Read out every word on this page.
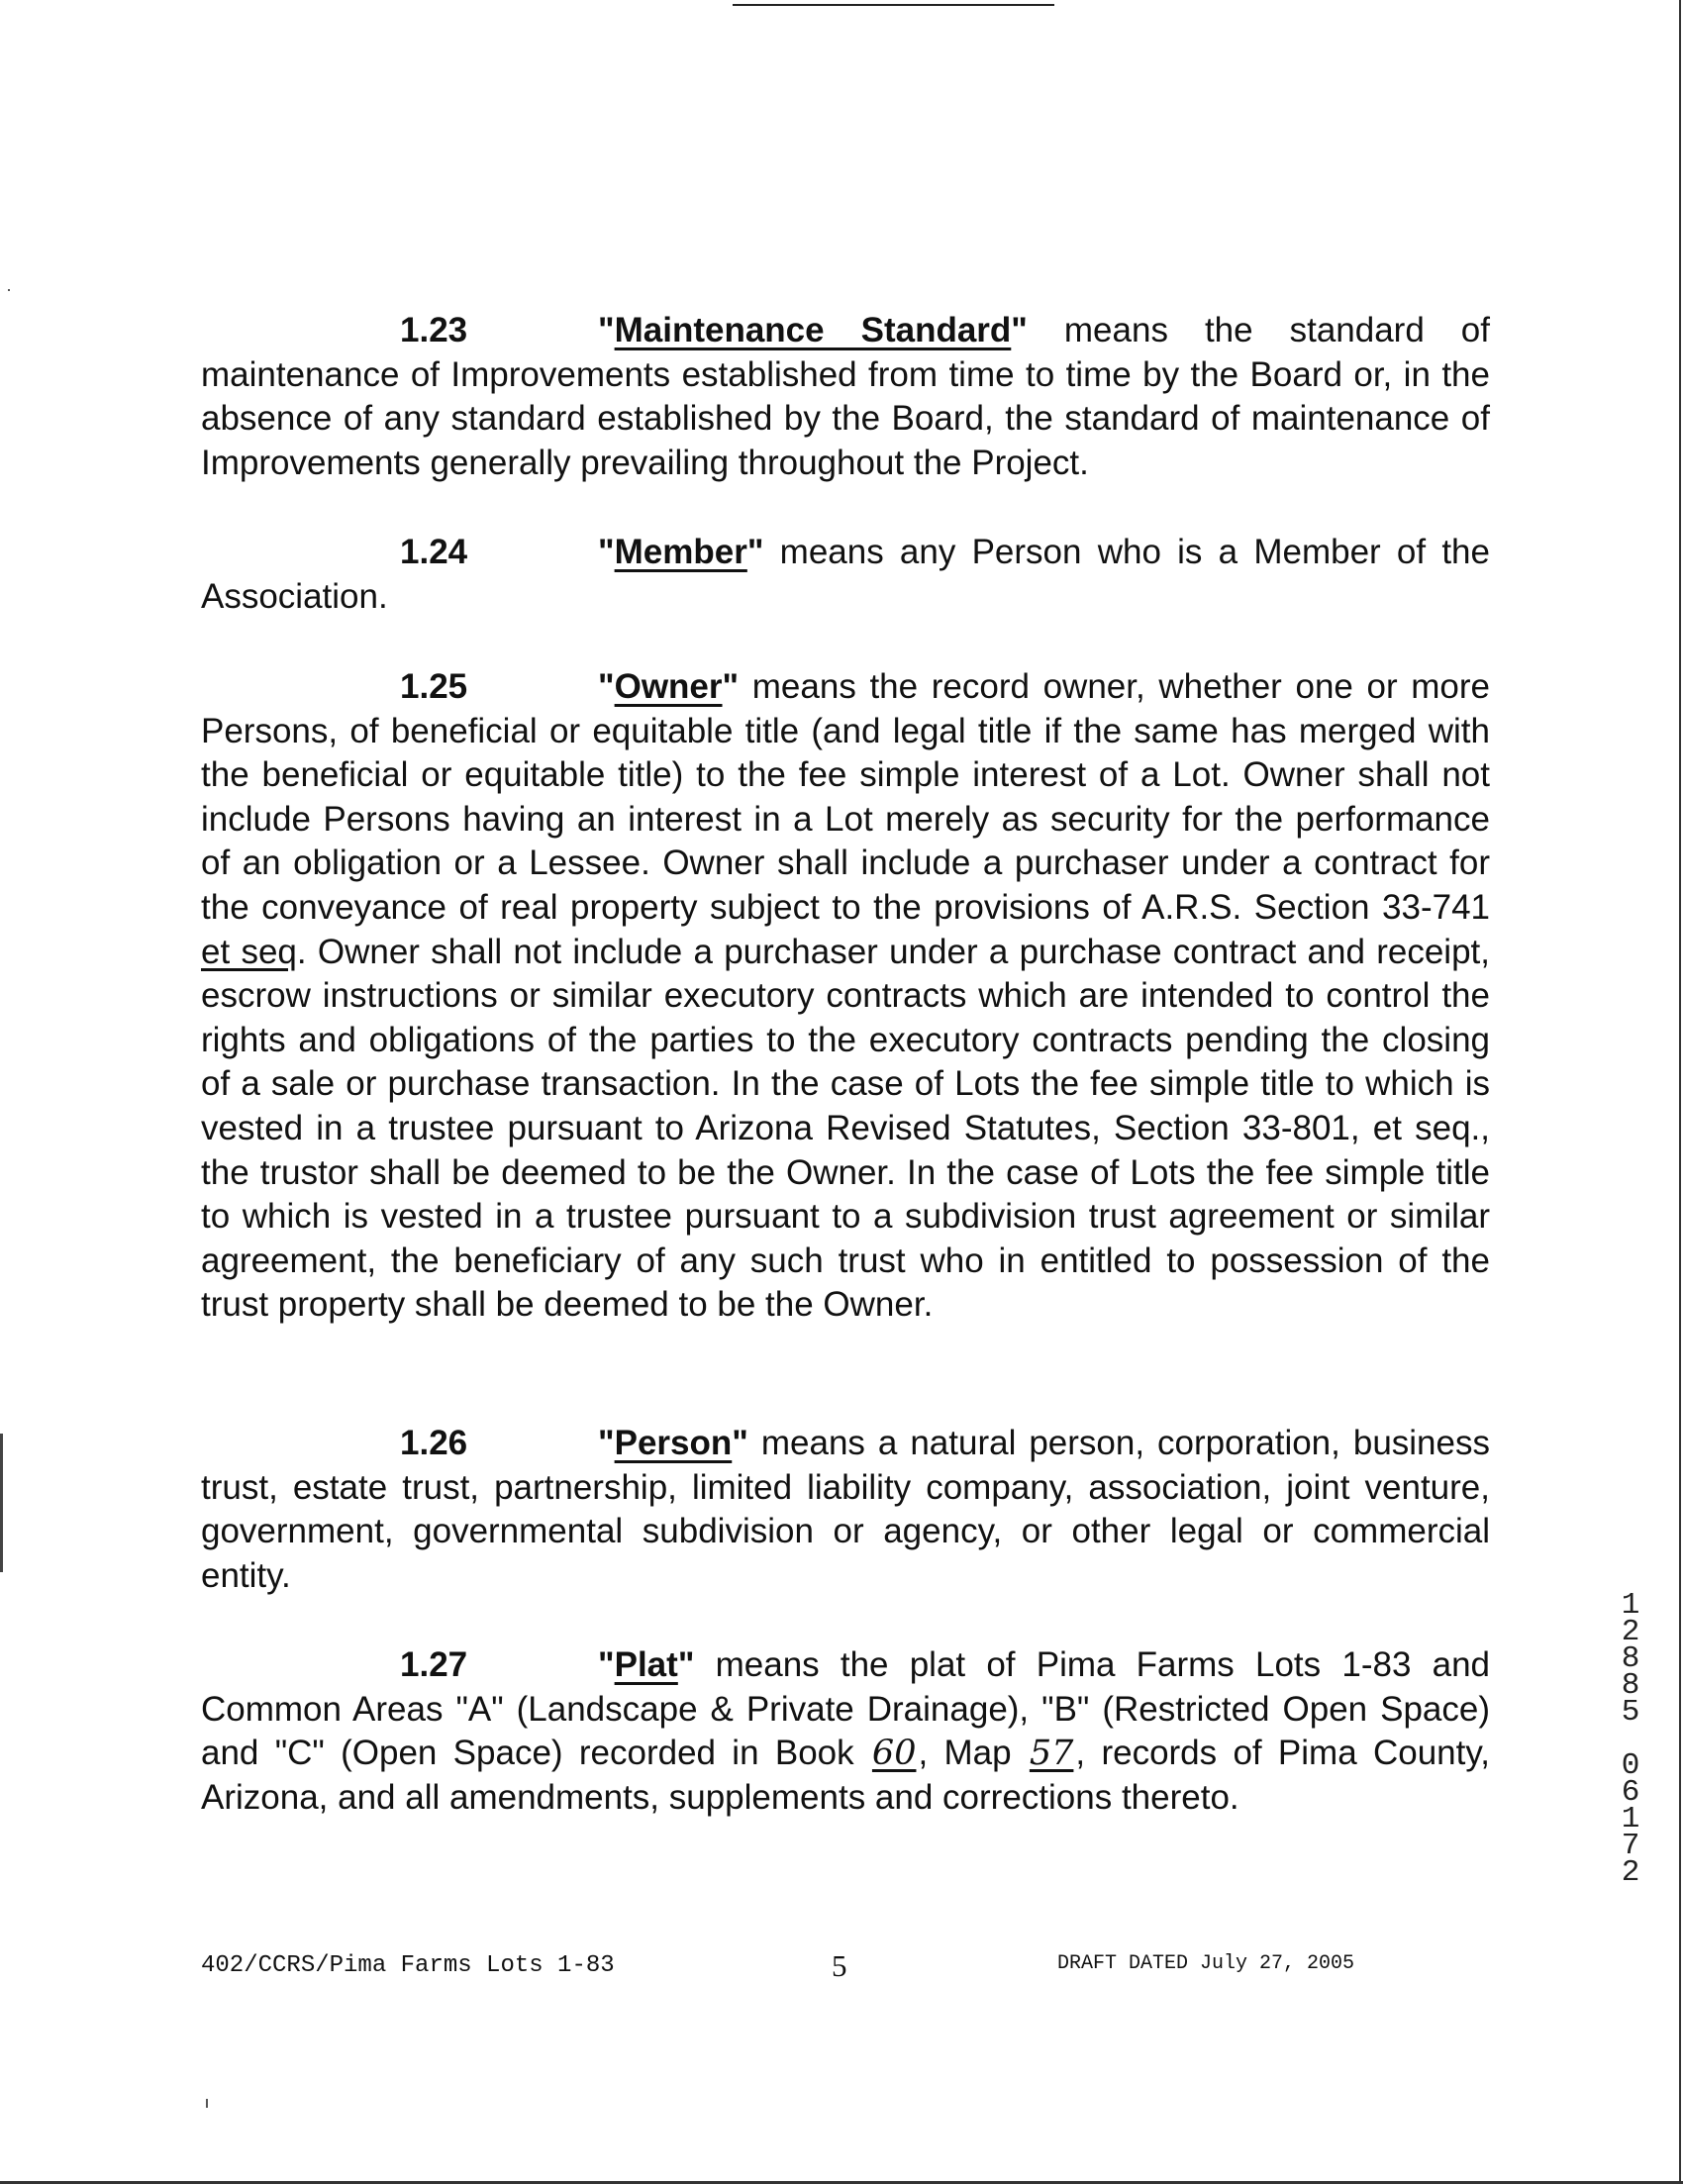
1.23	"Maintenance Standard" means the standard of maintenance of Improvements established from time to time by the Board or, in the absence of any standard established by the Board, the standard of maintenance of Improvements generally prevailing throughout the Project.
1.24	"Member" means any Person who is a Member of the Association.
1.25	"Owner" means the record owner, whether one or more Persons, of beneficial or equitable title (and legal title if the same has merged with the beneficial or equitable title) to the fee simple interest of a Lot. Owner shall not include Persons having an interest in a Lot merely as security for the performance of an obligation or a Lessee. Owner shall include a purchaser under a contract for the conveyance of real property subject to the provisions of A.R.S. Section 33-741 et seq. Owner shall not include a purchaser under a purchase contract and receipt, escrow instructions or similar executory contracts which are intended to control the rights and obligations of the parties to the executory contracts pending the closing of a sale or purchase transaction. In the case of Lots the fee simple title to which is vested in a trustee pursuant to Arizona Revised Statutes, Section 33-801, et seq., the trustor shall be deemed to be the Owner. In the case of Lots the fee simple title to which is vested in a trustee pursuant to a subdivision trust agreement or similar agreement, the beneficiary of any such trust who in entitled to possession of the trust property shall be deemed to be the Owner.
1.26	"Person" means a natural person, corporation, business trust, estate trust, partnership, limited liability company, association, joint venture, government, governmental subdivision or agency, or other legal or commercial entity.
1.27	"Plat" means the plat of Pima Farms Lots 1-83 and Common Areas "A" (Landscape & Private Drainage), "B" (Restricted Open Space) and "C" (Open Space) recorded in Book 60, Map 57, records of Pima County, Arizona, and all amendments, supplements and corrections thereto.
402/CCRS/Pima Farms Lots 1-83	5	DRAFT DATED July 27, 2005
1
2
8
8
5
0
6
1
7
2
